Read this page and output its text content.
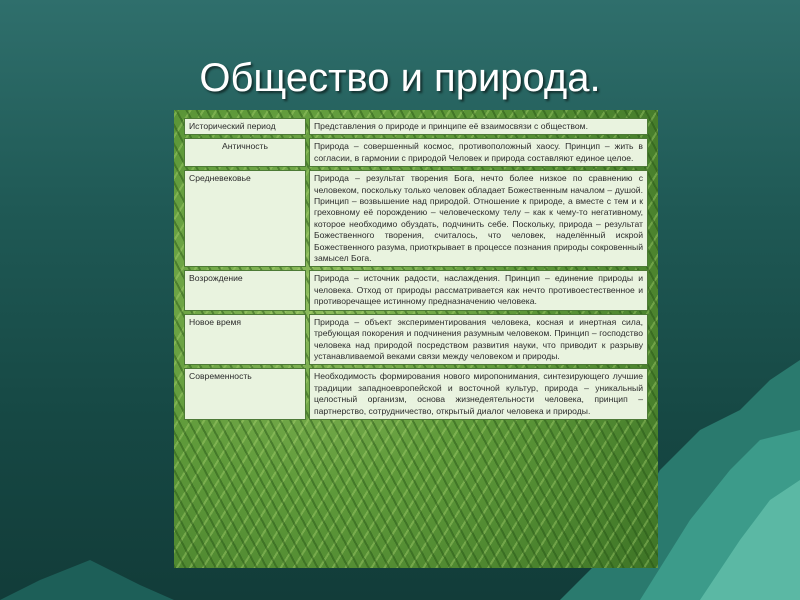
Общество и природа.
Исторический период	Представления о природе и принципе её взаимосвязи с обществом.
Античность	Природа – совершенный космос, противоположный хаосу. Принцип – жить в согласии, в гармонии с природой Человек и природа составляют единое целое.
Средневековье	Природа – результат творения Бога, нечто более низкое по сравнению с человеком, поскольку только человек обладает Божественным началом – душой. Принцип – возвышение над природой. Отношение к природе, а вместе с тем и к греховному её порождению – человеческому телу – как к чему-то негативному, которое необходимо обуздать, подчинить себе. Поскольку, природа – результат Божественного творения, считалось, что человек, наделённый искрой Божественного разума, приоткрывает в процессе познания природы сокровенный замысел Бога.
Возрождение	Природа – источник радости, наслаждения. Принцип – единение природы и человека. Отход от природы рассматривается как нечто противоестественное и противоречащее истинному предназначению человека.
Новое время	Природа – объект экспериментирования человека, косная и инертная сила, требующая покорения и подчинения разумным человеком. Принцип – господство человека над природой посредством развития науки, что приводит к разрыву устанавливаемой веками связи между человеком и природы.
Современность	Необходимость формирования нового миропонимания, синтезирующего лучшие традиции западноевропейской и восточной культур, природа – уникальный целостный организм, основа жизнедеятельности человека, принцип – партнерство, сотрудничество, открытый диалог человека и природы.
